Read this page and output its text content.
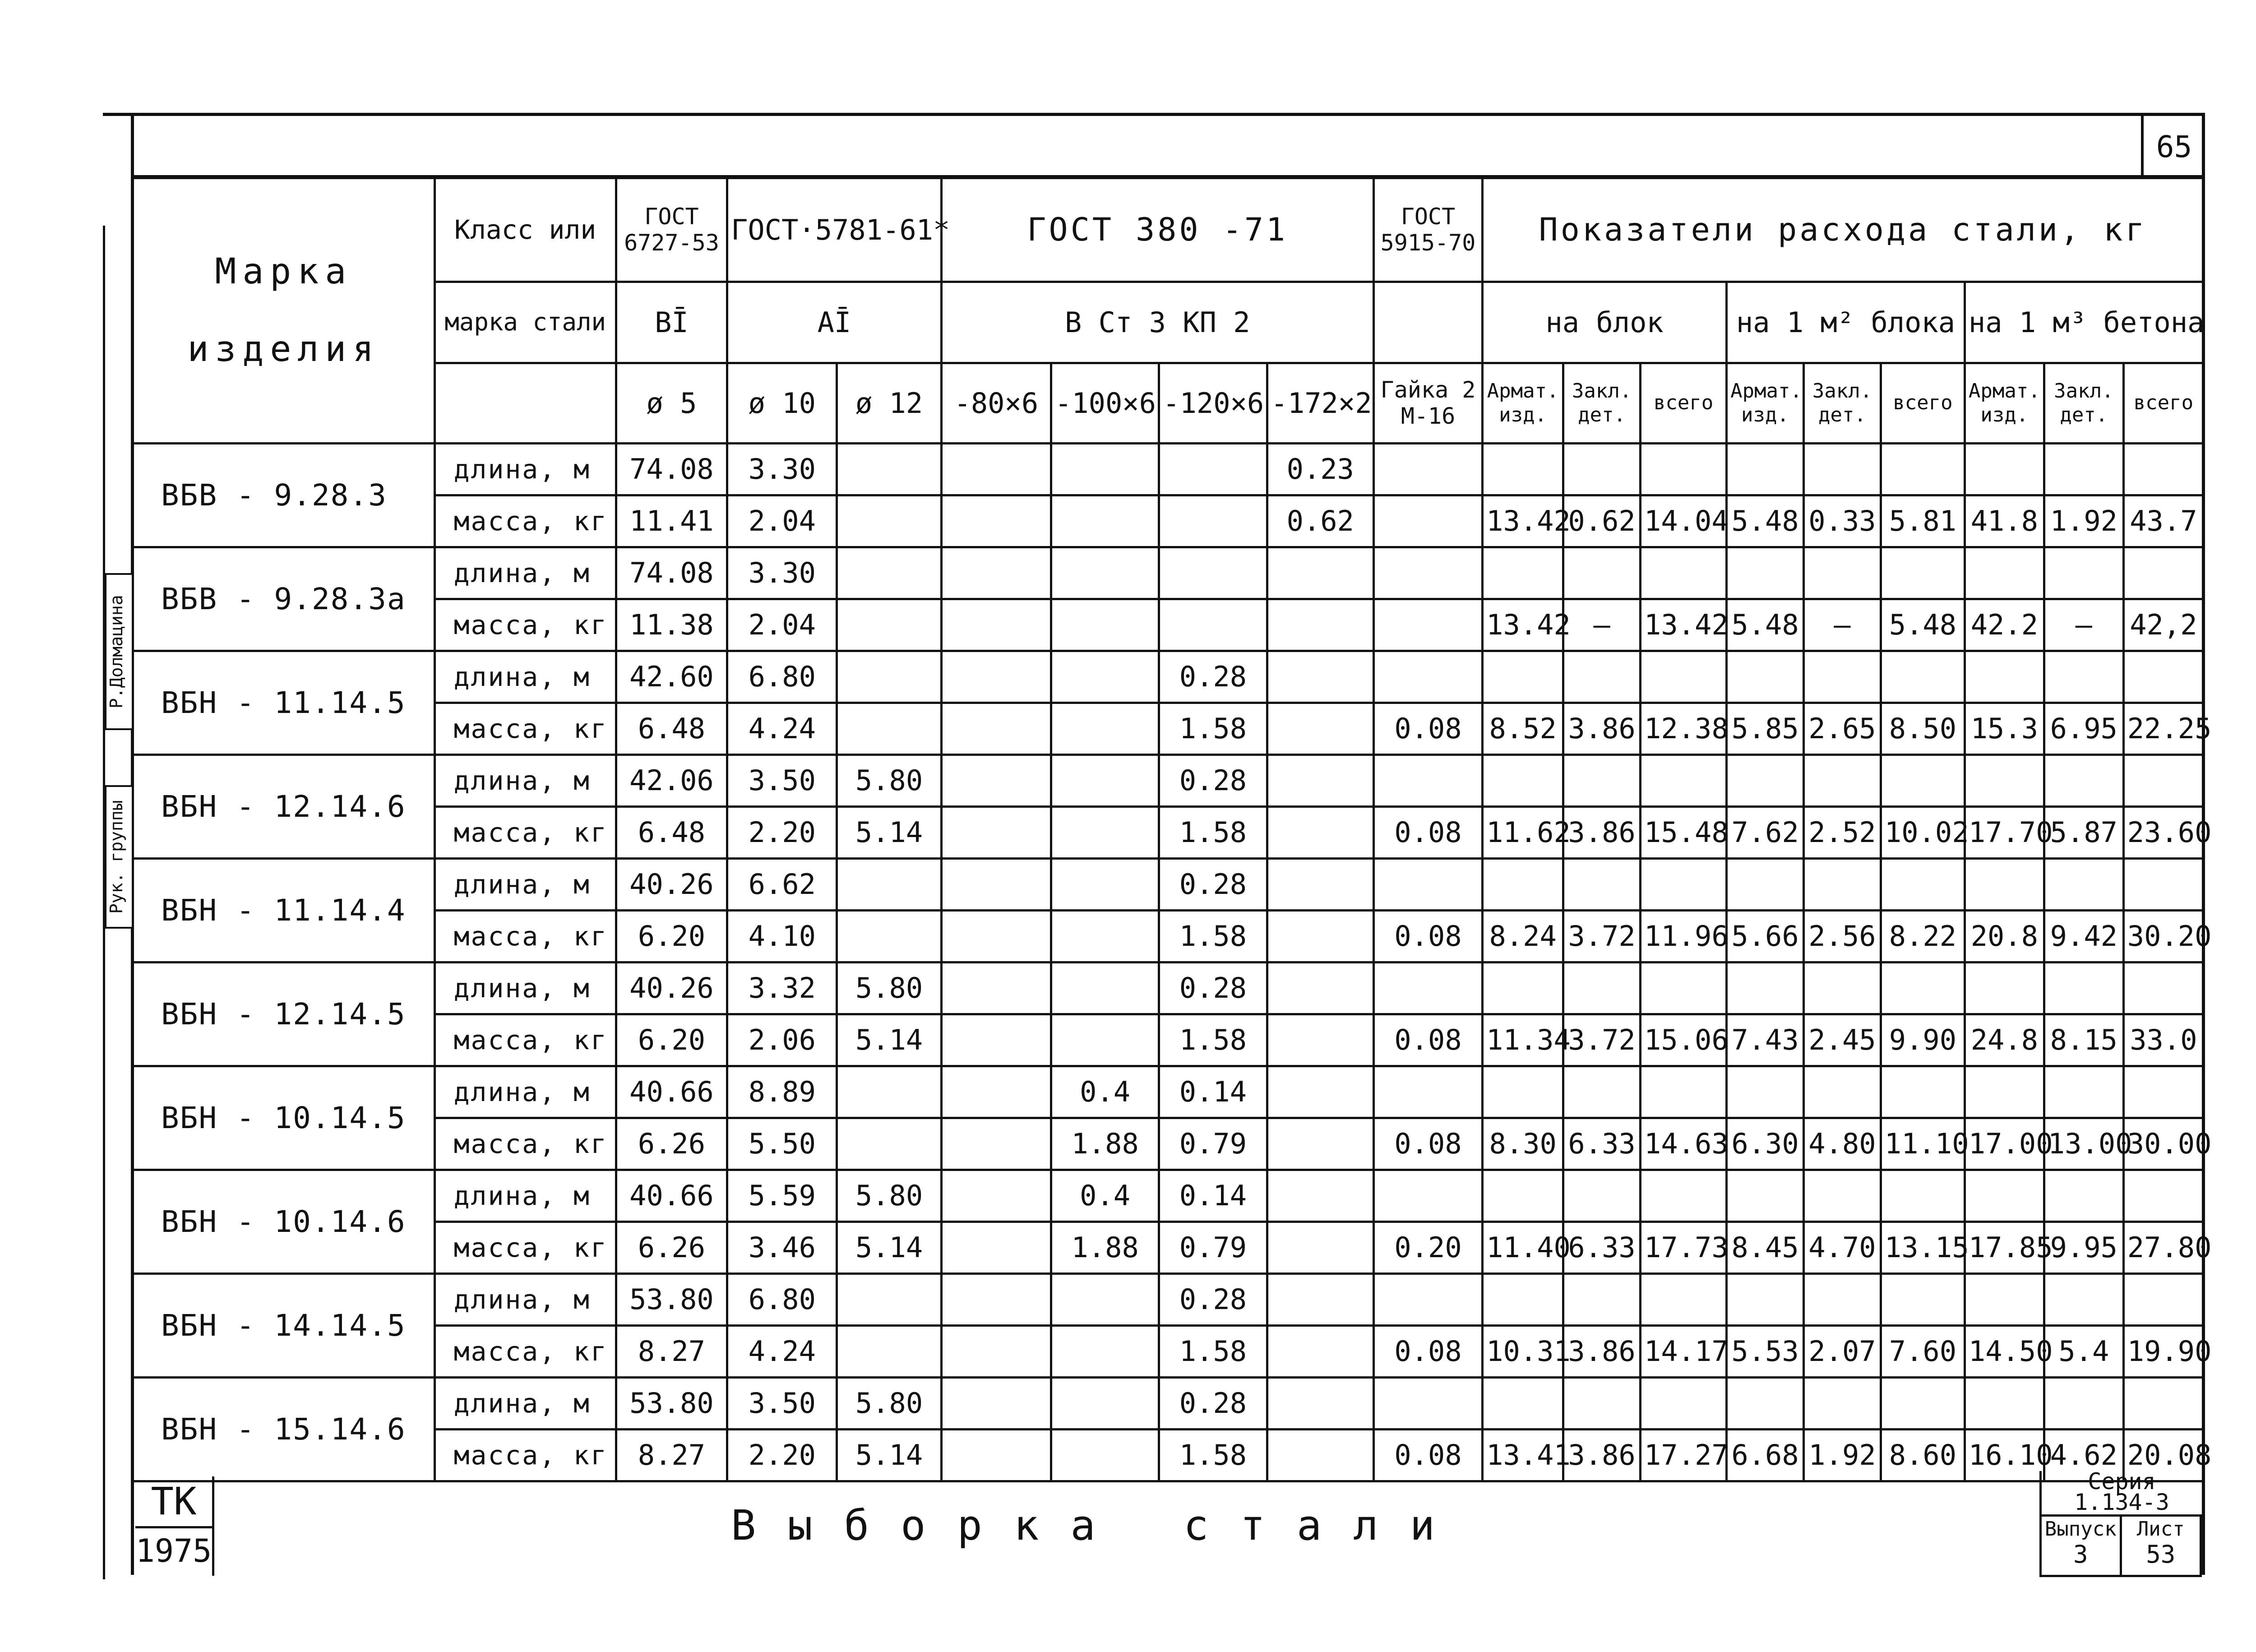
65
Р.Долмацина
Рук. группы
Марка изделия	Класс или	ГОСТ 6727-53	ГОСТ·5781-61*		ГОСТ 380 -71				ГОСТ 5915-70	Показатели расхода стали, кг								
	марка стали	ВĪ	АĪ		В Ст 3 КП 2					на блок			на 1 м² блока			на 1 м³ бетона		
		ø 5	ø 10	ø 12	-80×6	-100×6	-120×6	-172×2	Гайка 2 М-16	Армат. изд.	Закл. дет.	всего	Армат. изд.	Закл. дет.	всего	Армат. изд.	Закл. дет.	всего
ВБВ - 9.28.3	длина, м	74.08	3.30					0.23										
	масса, кг	11.41	2.04					0.62		13.42	0.62	14.04	5.48	0.33	5.81	41.8	1.92	43.7
ВБВ - 9.28.3а	длина, м	74.08	3.30															
	масса, кг	11.38	2.04							13.42	–	13.42	5.48	–	5.48	42.2	–	42,2
ВБН - 11.14.5	длина, м	42.60	6.80				0.28											
	масса, кг	6.48	4.24				1.58		0.08	8.52	3.86	12.38	5.85	2.65	8.50	15.3	6.95	22.25
ВБН - 12.14.6	длина, м	42.06	3.50	5.80			0.28											
	масса, кг	6.48	2.20	5.14			1.58		0.08	11.62	3.86	15.48	7.62	2.52	10.02	17.70	5.87	23.60
ВБН - 11.14.4	длина, м	40.26	6.62				0.28											
	масса, кг	6.20	4.10				1.58		0.08	8.24	3.72	11.96	5.66	2.56	8.22	20.8	9.42	30.20
ВБН - 12.14.5	длина, м	40.26	3.32	5.80			0.28											
	масса, кг	6.20	2.06	5.14			1.58		0.08	11.34	3.72	15.06	7.43	2.45	9.90	24.8	8.15	33.0
ВБН - 10.14.5	длина, м	40.66	8.89			0.4	0.14											
	масса, кг	6.26	5.50			1.88	0.79		0.08	8.30	6.33	14.63	6.30	4.80	11.10	17.00	13.00	30.00
ВБН - 10.14.6	длина, м	40.66	5.59	5.80		0.4	0.14											
	масса, кг	6.26	3.46	5.14		1.88	0.79		0.20	11.40	6.33	17.73	8.45	4.70	13.15	17.85	9.95	27.80
ВБН - 14.14.5	длина, м	53.80	6.80				0.28											
	масса, кг	8.27	4.24				1.58		0.08	10.31	3.86	14.17	5.53	2.07	7.60	14.50	5.4	19.90
ВБН - 15.14.6	длина, м	53.80	3.50	5.80			0.28											
	масса, кг	8.27	2.20	5.14			1.58		0.08	13.41	3.86	17.27	6.68	1.92	8.60	16.10	4.62	20.08
ТК
1975
Выборка стали
Серия
1.134-3
Выпуск
3
Лист
53
